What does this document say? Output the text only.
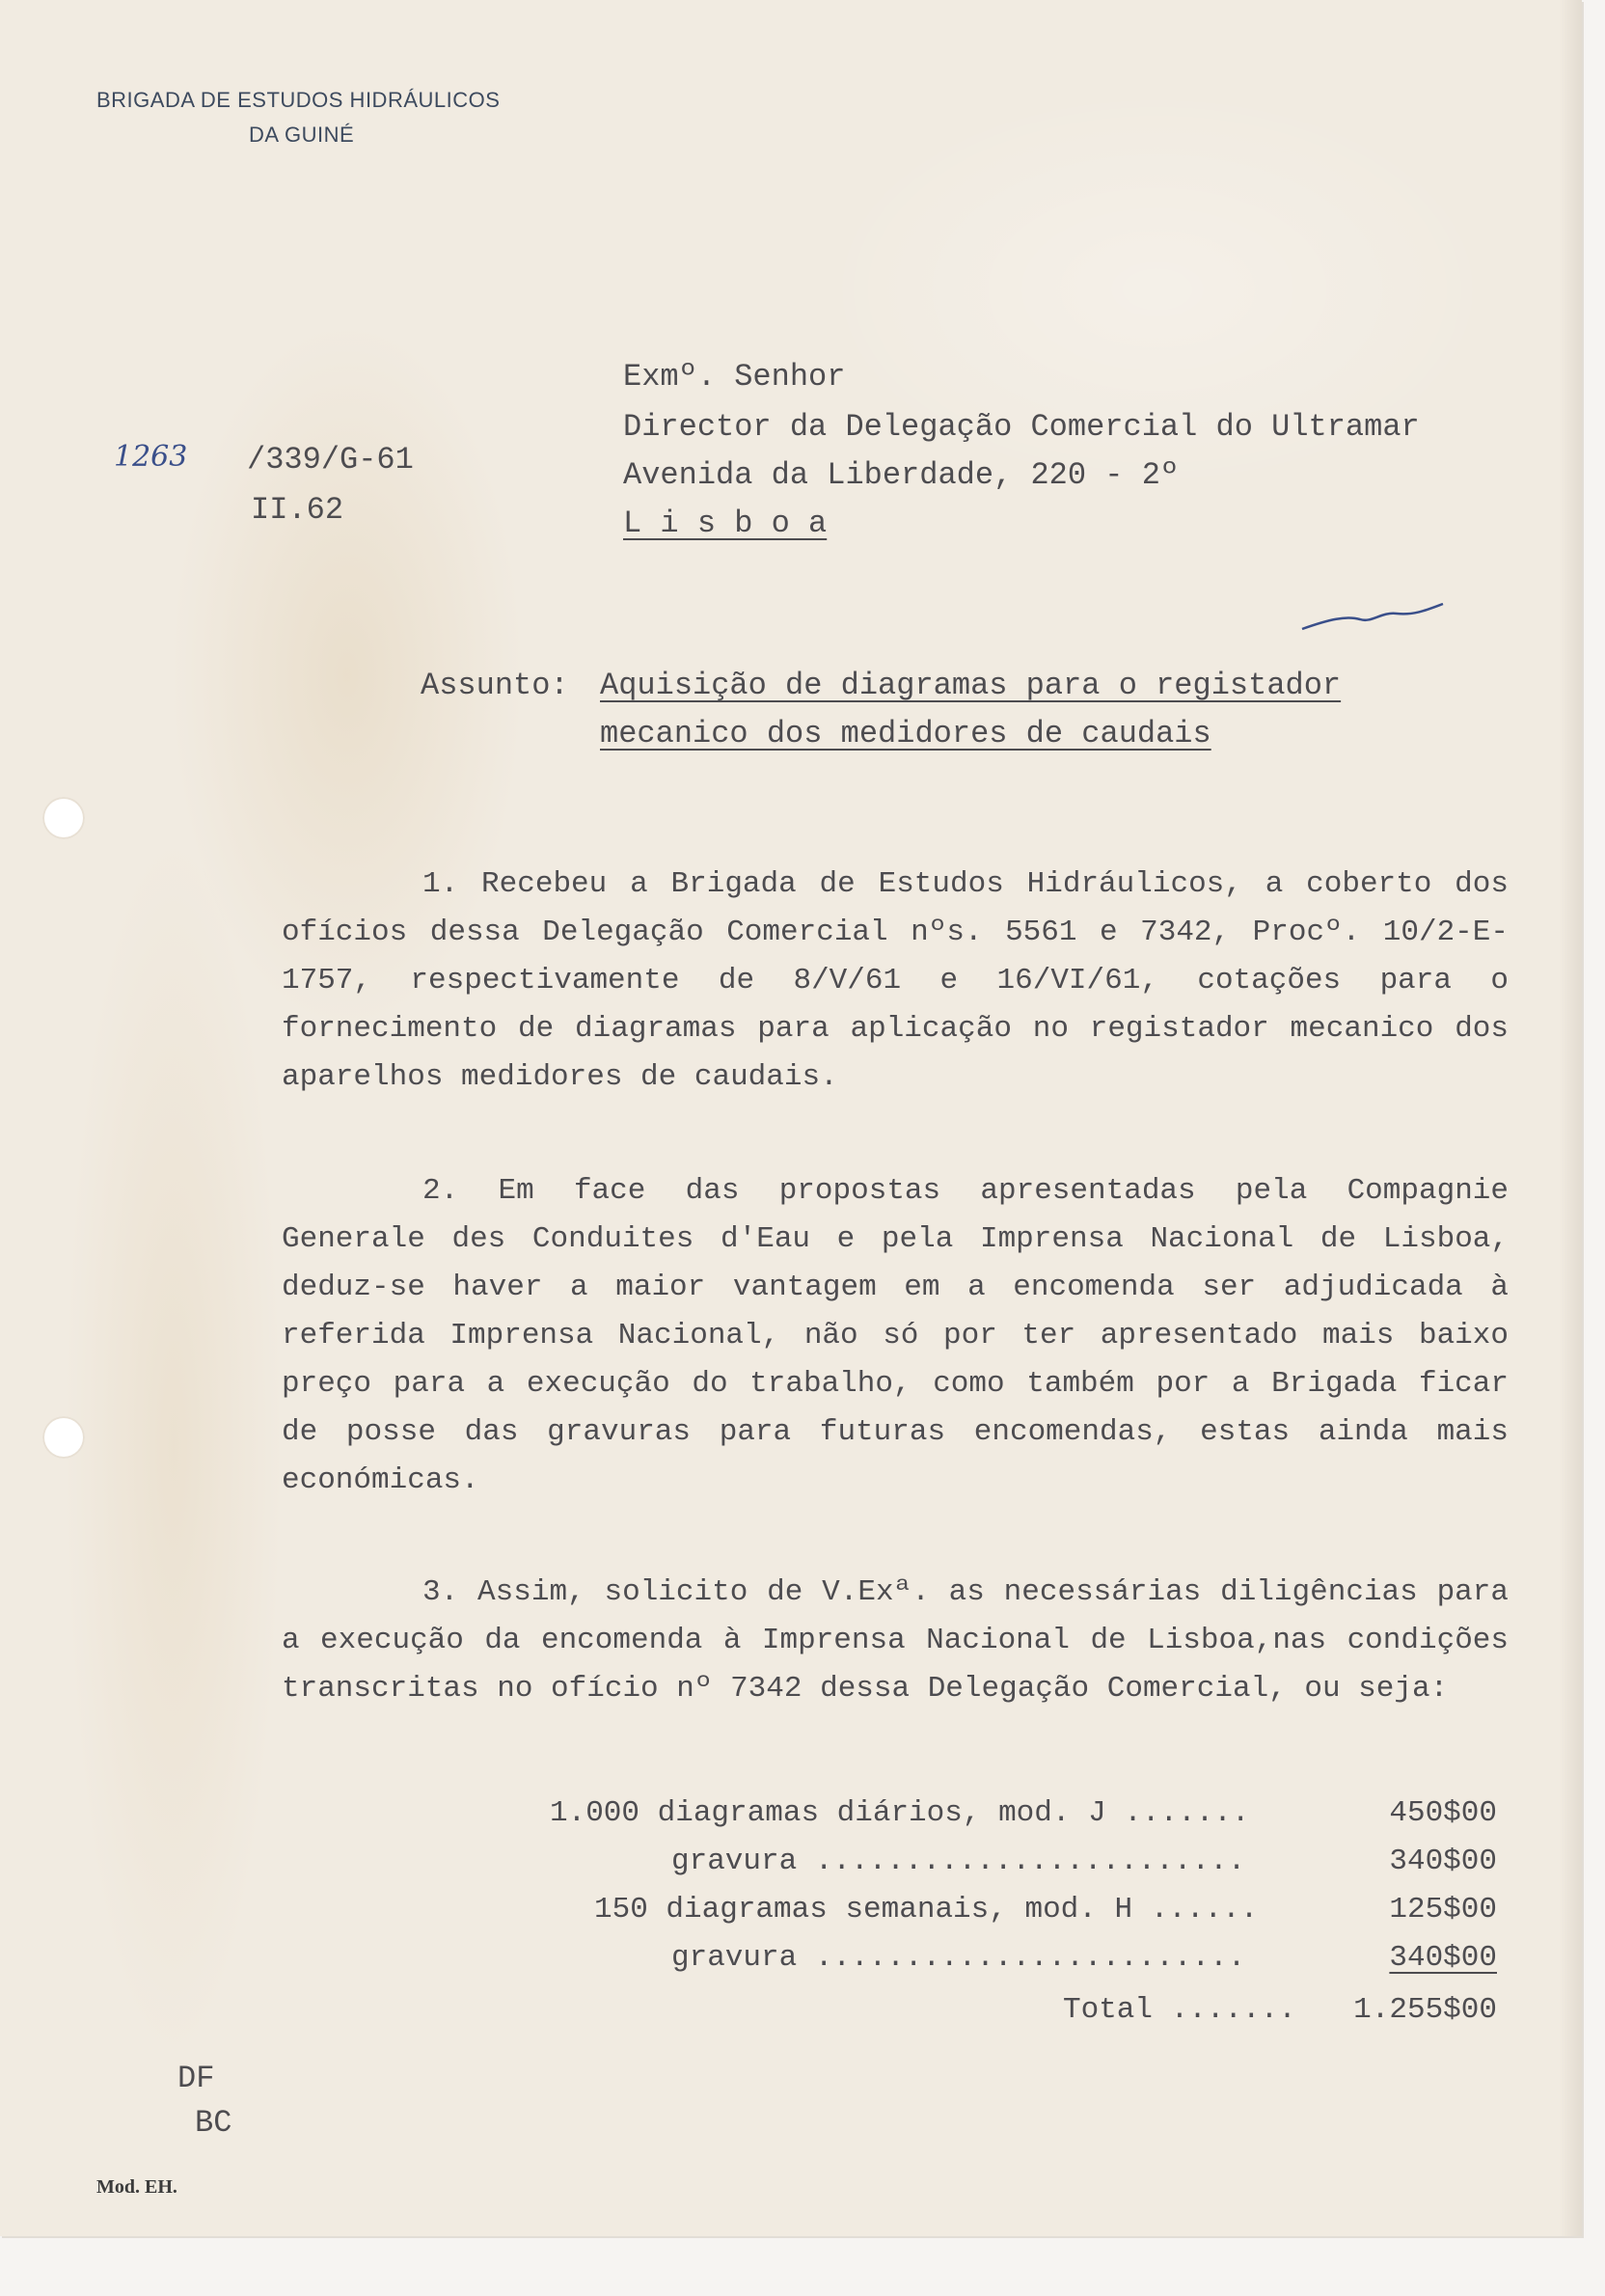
BRIGADA DE ESTUDOS HIDRÁULICOS
DA GUINÉ
1263 /339/G-61
II.62
Exmº. Senhor
Director da Delegação Comercial do Ultramar
Avenida da Liberdade, 220 - 2º
L i s b o a
Assunto: Aquisição de diagramas para o registador
mecanico dos medidores de caudais
1. Recebeu a Brigada de Estudos Hidráulicos, a coberto dos ofícios dessa Delegação Comercial nºs. 5561 e 7342, Procº. 10/2-E-1757, respectivamente de 8/V/61 e 16/VI/61, cotações para o fornecimento de diagramas para aplicação no registador mecanico dos aparelhos medidores de caudais.
2. Em face das propostas apresentadas pela Compagnie Generale des Conduites d'Eau e pela Imprensa Nacional de Lisboa, deduz-se haver a maior vantagem em a encomenda ser adjudicada à referida Imprensa Nacional, não só por ter apresentado mais baixo preço para a execução do trabalho, como também por a Brigada ficar de posse das gravuras para futuras encomendas, estas ainda mais económicas.
3. Assim, solicito de V.Exª. as necessárias diligências para a execução da encomenda à Imprensa Nacional de Lisboa,nas condições transcritas no ofício nº 7342 dessa Delegação Comercial, ou seja:
1.000 diagramas diários, mod. J .......	450$00
gravura ........................	340$00
150 diagramas semanais, mod. H ......	125$00
gravura ........................	340$00
Total ....... 1.255$00
DF
BC
Mod. EH.
